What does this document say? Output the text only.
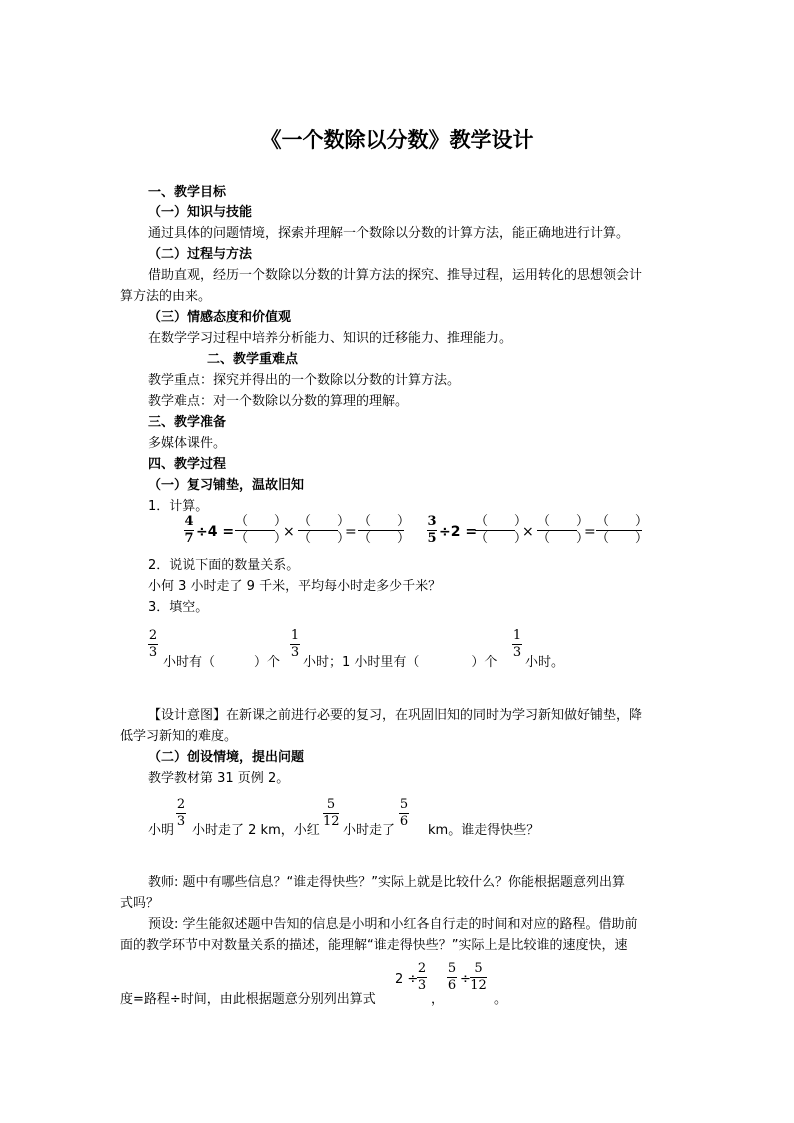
《一个数除以分数》教学设计
一、教学目标
（一）知识与技能
通过具体的问题情境，探索并理解一个数除以分数的计算方法，能正确地进行计算。
（二）过程与方法
借助直观，经历一个数除以分数的计算方法的探究、推导过程，运用转化的思想领会计
算方法的由来。
（三）情感态度和价值观
在数学学习过程中培养分析能力、知识的迁移能力、推理能力。
二、教学重难点
教学重点：探究并得出的一个数除以分数的计算方法。
教学难点：对一个数除以分数的算理的理解。
三、教学准备
多媒体课件。
四、教学过程
（一）复习铺垫，温故旧知
1．计算。
4
7 ÷4 =
（　　）
（　　）
×
（　　）
（　　）
=
（　　）
（　　）
3
5 ÷2 =
（　　）
（　　）
×
（　　）
（　　）
=
（　　）
（　　）
2．说说下面的数量关系。
小何 3 小时走了 9 千米，平均每小时走多少千米？
3．填空。
2
3
小时有（　　　）个
1
3
小时；1 小时里有（　　　　）个
1
3
小时。
【设计意图】在新课之前进行必要的复习，在巩固旧知的同时为学习新知做好铺垫，降
低学习新知的难度。
（二）创设情境，提出问题
教学教材第 31 页例 2。
小明
2
3
小时走了 2 km，小红
5
12
小时走了
5
6
km。谁走得快些？
教师: 题中有哪些信息？“谁走得快些？”实际上就是比较什么？你能根据题意列出算
式吗？
预设: 学生能叙述题中告知的信息是小明和小红各自行走的时间和对应的路程。借助前
面的教学环节中对数量关系的描述，能理解“谁走得快些？”实际上是比较谁的速度快，速
度=路程÷时间，由此根据题意分别列出算式
2 ÷
2
3
，
5
6 ÷
5
12
。
